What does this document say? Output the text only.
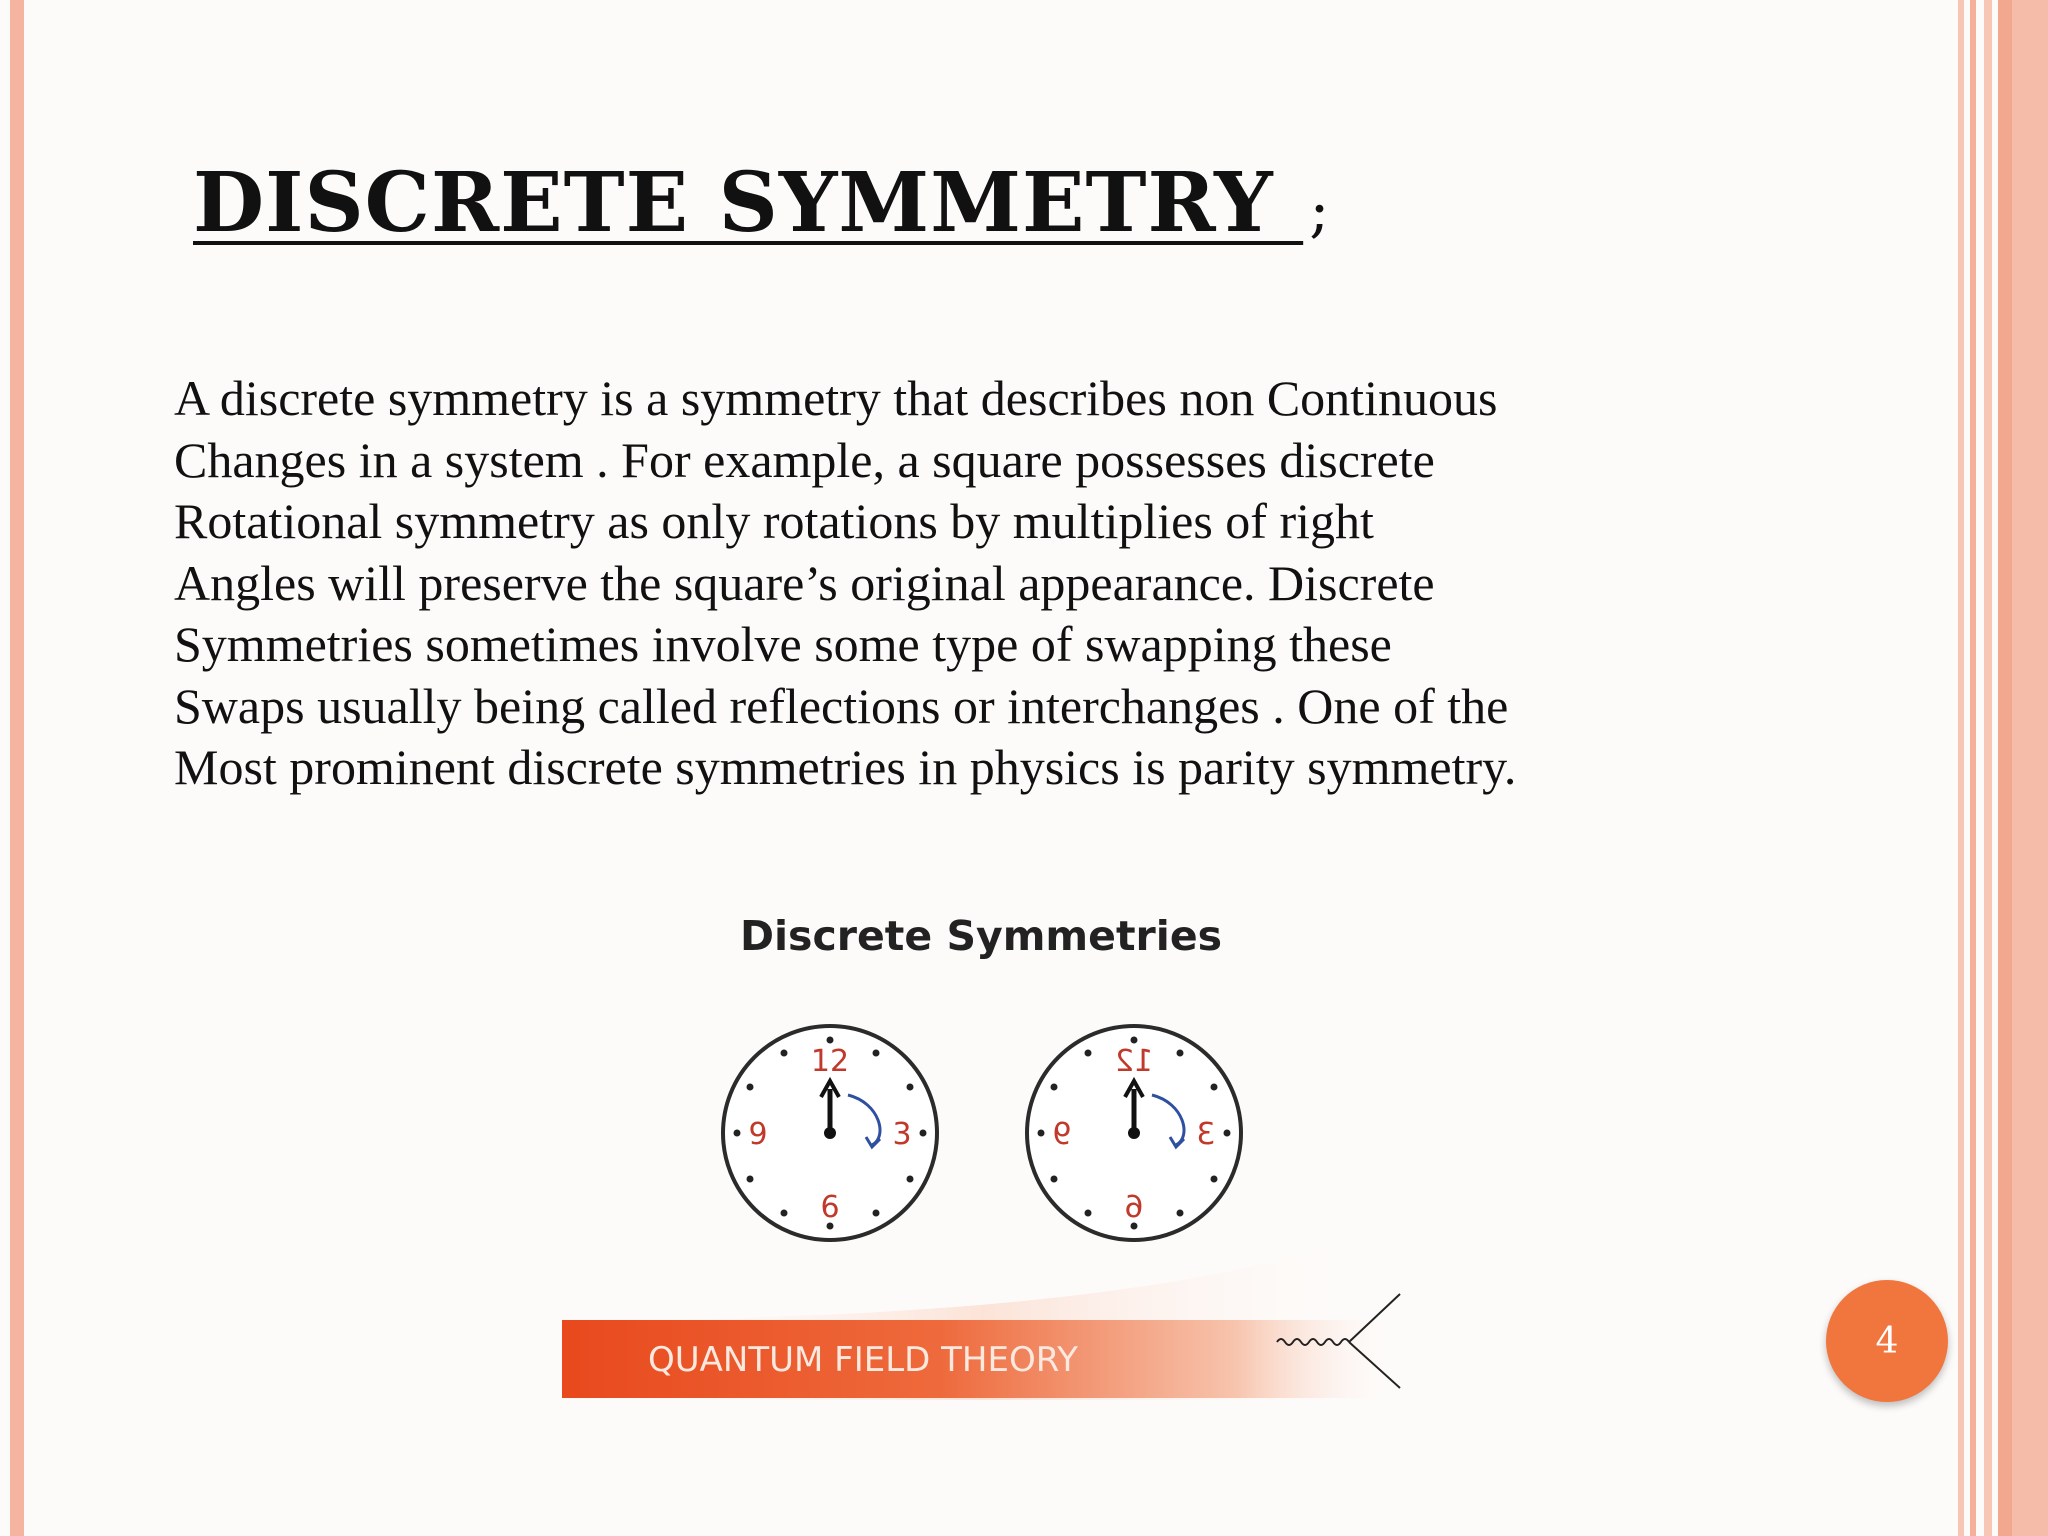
DISCRETE SYMMETRY ;

A discrete symmetry is a symmetry that describes non Continuous
Changes in a system . For example, a square possesses discrete
Rotational symmetry as only rotations by multiplies of right
Angles will preserve the square’s original appearance. Discrete
Symmetries sometimes involve some type of swapping these
Swaps usually being called reflections or interchanges . One of the
Most prominent discrete symmetries in physics is parity symmetry.

12
3
6
9
12
3
6
9
Discrete Symmetries
QUANTUM FIELD THEORY	4
